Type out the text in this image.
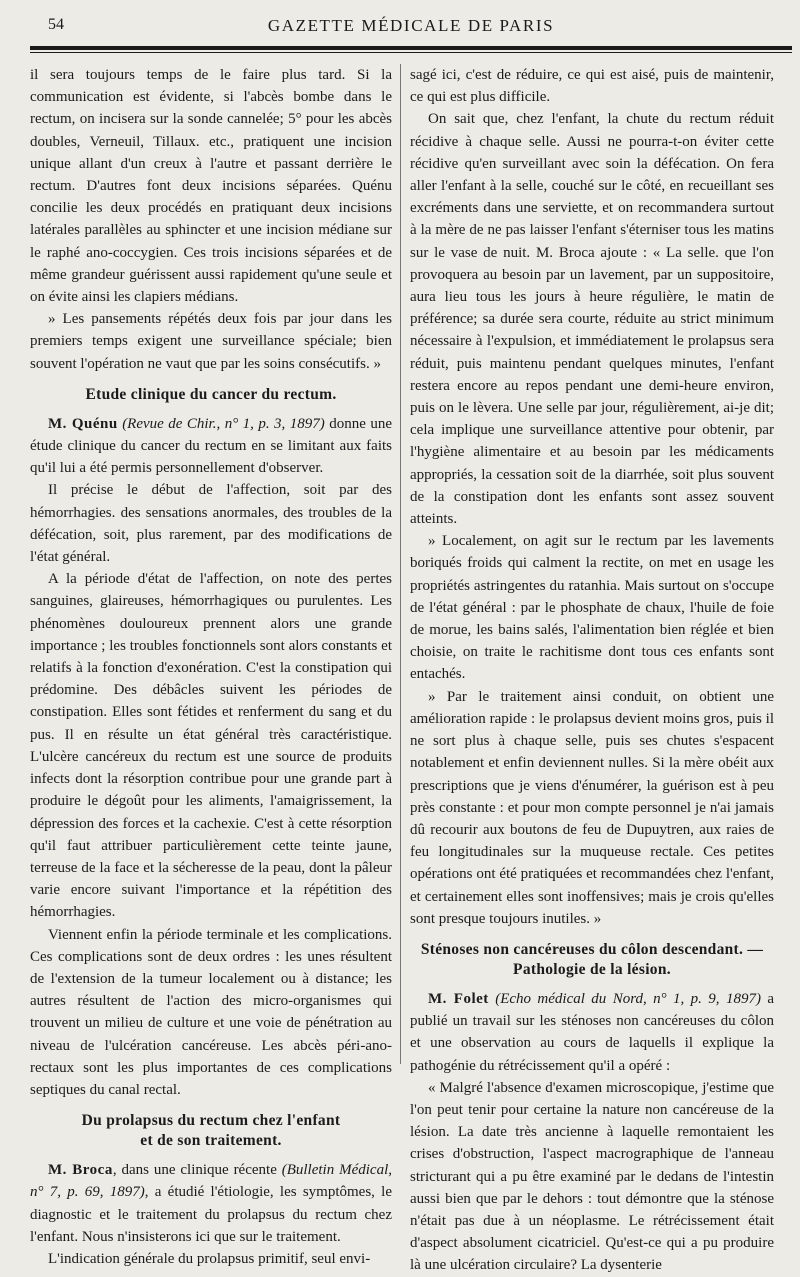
54	GAZETTE MÉDICALE DE PARIS

il sera toujours temps de le faire plus tard. Si la communication est évidente, si l'abcès bombe dans le rectum, on incisera sur la sonde cannelée; 5° pour les abcès doubles, Verneuil, Tillaux. etc., pratiquent une incision unique allant d'un creux à l'autre et passant derrière le rectum. D'autres font deux incisions séparées. Quénu concilie les deux procédés en pratiquant deux incisions latérales parallèles au sphincter et une incision médiane sur le raphé ano-coccygien. Ces trois incisions séparées et de même grandeur guérissent aussi rapidement qu'une seule et on évite ainsi les clapiers médians.

» Les pansements répétés deux fois par jour dans les premiers temps exigent une surveillance spéciale; bien souvent l'opération ne vaut que par les soins consécutifs. »

Etude clinique du cancer du rectum.

M. Quénu (Revue de Chir., n° 1, p. 3, 1897) donne une étude clinique du cancer du rectum en se limitant aux faits qu'il lui a été permis personnellement d'observer.

Il précise le début de l'affection, soit par des hémorrhagies. des sensations anormales, des troubles de la défécation, soit, plus rarement, par des modifications de l'état général.

A la période d'état de l'affection, on note des pertes sanguines, glaireuses, hémorrhagiques ou purulentes. Les phénomènes douloureux prennent alors une grande importance ; les troubles fonctionnels sont alors constants et relatifs à la fonction d'exonération. C'est la constipation qui prédomine. Des débâcles suivent les périodes de constipation. Elles sont fétides et renferment du sang et du pus. Il en résulte un état général très caractéristique. L'ulcère cancéreux du rectum est une source de produits infects dont la résorption contribue pour une grande part à produire le dégoût pour les aliments, l'amaigrissement, la dépression des forces et la cachexie. C'est à cette résorption qu'il faut attribuer particulièrement cette teinte jaune, terreuse de la face et la sécheresse de la peau, dont la pâleur varie encore suivant l'importance et la répétition des hémorrhagies.

Viennent enfin la période terminale et les complications. Ces complications sont de deux ordres : les unes résultent de l'extension de la tumeur localement ou à distance; les autres résultent de l'action des micro-organismes qui trouvent un milieu de culture et une voie de pénétration au niveau de l'ulcération cancéreuse. Les abcès péri-ano-rectaux sont les plus importantes de ces complications septiques du canal rectal.

Du prolapsus du rectum chez l'enfant
et de son traitement.

M. Broca, dans une clinique récente (Bulletin Médical, n° 7, p. 69, 1897), a étudié l'étiologie, les symptômes, le diagnostic et le traitement du prolapsus du rectum chez l'enfant. Nous n'insisterons ici que sur le traitement.

L'indication générale du prolapsus primitif, seul envi-

sagé ici, c'est de réduire, ce qui est aisé, puis de maintenir, ce qui est plus difficile.

On sait que, chez l'enfant, la chute du rectum réduit récidive à chaque selle. Aussi ne pourra-t-on éviter cette récidive qu'en surveillant avec soin la défécation. On fera aller l'enfant à la selle, couché sur le côté, en recueillant ses excréments dans une serviette, et on recommandera surtout à la mère de ne pas laisser l'enfant s'éterniser tous les matins sur le vase de nuit. M. Broca ajoute : « La selle. que l'on provoquera au besoin par un lavement, par un suppositoire, aura lieu tous les jours à heure régulière, le matin de préférence; sa durée sera courte, réduite au strict minimum nécessaire à l'expulsion, et immédiatement le prolapsus sera réduit, puis maintenu pendant quelques minutes, l'enfant restera encore au repos pendant une demi-heure environ, puis on le lèvera. Une selle par jour, régulièrement, ai-je dit; cela implique une surveillance attentive pour obtenir, par l'hygiène alimentaire et au besoin par les médicaments appropriés, la cessation soit de la diarrhée, soit plus souvent de la constipation dont les enfants sont assez souvent atteints.

» Localement, on agit sur le rectum par les lavements boriqués froids qui calment la rectite, on met en usage les propriétés astringentes du ratanhia. Mais surtout on s'occupe de l'état général : par le phosphate de chaux, l'huile de foie de morue, les bains salés, l'alimentation bien réglée et bien choisie, on traite le rachitisme dont tous ces enfants sont entachés.

» Par le traitement ainsi conduit, on obtient une amélioration rapide : le prolapsus devient moins gros, puis il ne sort plus à chaque selle, puis ses chutes s'espacent notablement et enfin deviennent nulles. Si la mère obéit aux prescriptions que je viens d'énumérer, la guérison est à peu près constante : et pour mon compte personnel je n'ai jamais dû recourir aux boutons de feu de Dupuytren, aux raies de feu longitudinales sur la muqueuse rectale. Ces petites opérations ont été pratiquées et recommandées chez l'enfant, et certainement elles sont inoffensives; mais je crois qu'elles sont presque toujours inutiles. »

Sténoses non cancéreuses du côlon descendant. —
Pathologie de la lésion.

M. Folet (Echo médical du Nord, n° 1, p. 9, 1897) a publié un travail sur les sténoses non cancéreuses du côlon et une observation au cours de laquells il explique la pathogénie du rétrécissement qu'il a opéré :

« Malgré l'absence d'examen microscopique, j'estime que l'on peut tenir pour certaine la nature non cancéreuse de la lésion. La date très ancienne à laquelle remontaient les crises d'obstruction, l'aspect macrographique de l'anneau stricturant qui a pu être examiné par le dedans de l'intestin aussi bien que par le dehors : tout démontre que la sténose n'était pas due à un néoplasme. Le rétrécissement était d'aspect absolument cicatriciel. Qu'est-ce qui a pu produire là une ulcération circulaire? La dysenterie
